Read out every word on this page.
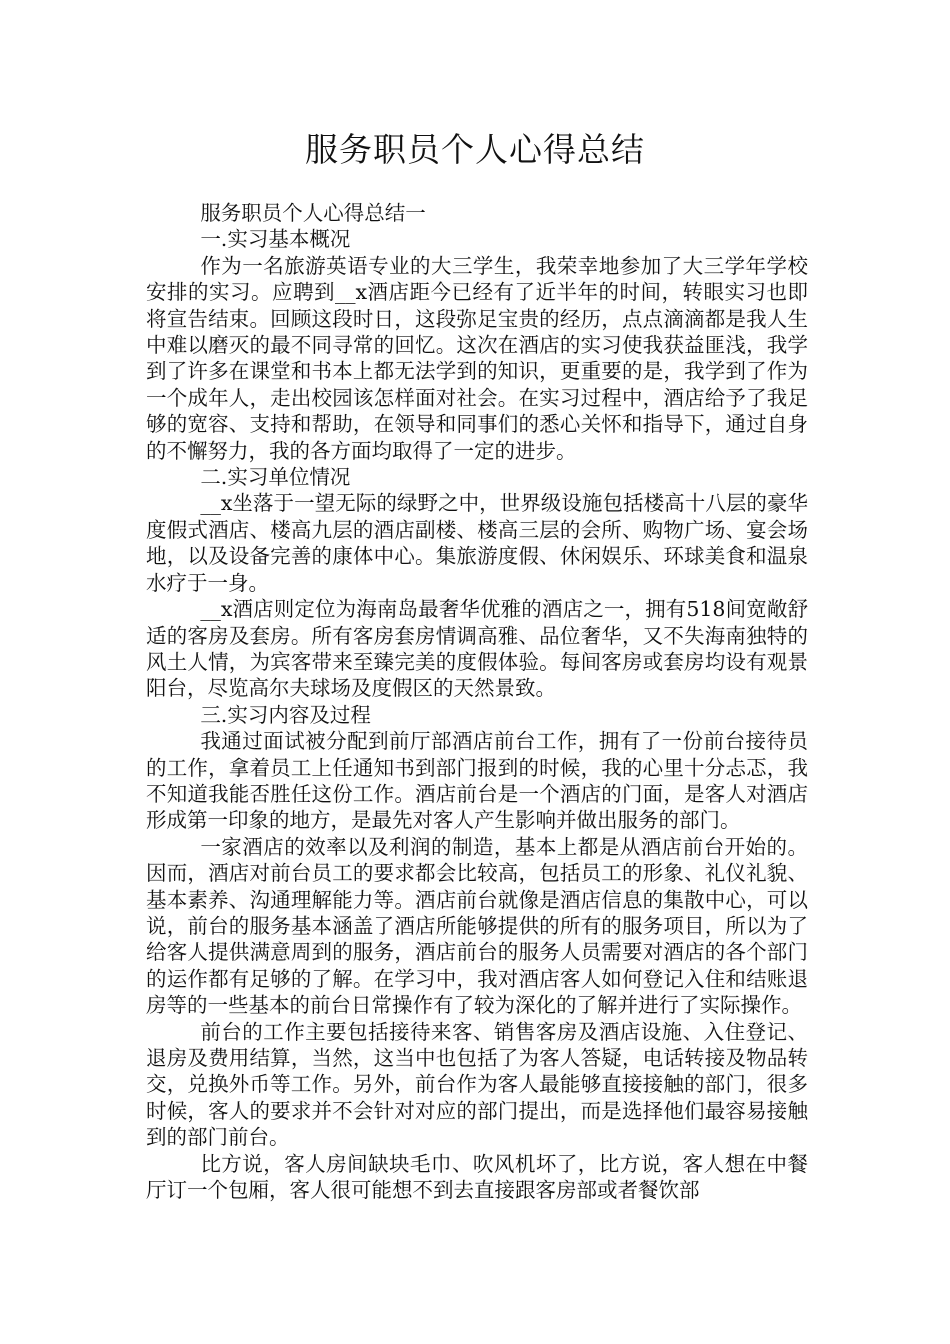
服务职员个人心得总结

服务职员个人心得总结一

一.实习基本概况

作为一名旅游英语专业的大三学生，我荣幸地参加了大三学年学校安排的实习。应聘到__x酒店距今已经有了近半年的时间，转眼实习也即将宣告结束。回顾这段时日，这段弥足宝贵的经历，点点滴滴都是我人生中难以磨灭的最不同寻常的回忆。这次在酒店的实习使我获益匪浅，我学到了许多在课堂和书本上都无法学到的知识，更重要的是，我学到了作为一个成年人，走出校园该怎样面对社会。在实习过程中，酒店给予了我足够的宽容、支持和帮助，在领导和同事们的悉心关怀和指导下，通过自身的不懈努力，我的各方面均取得了一定的进步。

二.实习单位情况

__x坐落于一望无际的绿野之中，世界级设施包括楼高十八层的豪华度假式酒店、楼高九层的酒店副楼、楼高三层的会所、购物广场、宴会场地，以及设备完善的康体中心。集旅游度假、休闲娱乐、环球美食和温泉水疗于一身。

__x酒店则定位为海南岛最奢华优雅的酒店之一，拥有518间宽敞舒适的客房及套房。所有客房套房情调高雅、品位奢华，又不失海南独特的风土人情，为宾客带来至臻完美的度假体验。每间客房或套房均设有观景阳台，尽览高尔夫球场及度假区的天然景致。

三.实习内容及过程

我通过面试被分配到前厅部酒店前台工作，拥有了一份前台接待员的工作，拿着员工上任通知书到部门报到的时候，我的心里十分忐忑，我不知道我能否胜任这份工作。酒店前台是一个酒店的门面，是客人对酒店形成第一印象的地方，是最先对客人产生影响并做出服务的部门。

一家酒店的效率以及利润的制造，基本上都是从酒店前台开始的。因而，酒店对前台员工的要求都会比较高，包括员工的形象、礼仪礼貌、基本素养、沟通理解能力等。酒店前台就像是酒店信息的集散中心，可以说，前台的服务基本涵盖了酒店所能够提供的所有的服务项目，所以为了给客人提供满意周到的服务，酒店前台的服务人员需要对酒店的各个部门的运作都有足够的了解。在学习中，我对酒店客人如何登记入住和结账退房等的一些基本的前台日常操作有了较为深化的了解并进行了实际操作。

前台的工作主要包括接待来客、销售客房及酒店设施、入住登记、退房及费用结算，当然，这当中也包括了为客人答疑，电话转接及物品转交，兑换外币等工作。另外，前台作为客人最能够直接接触的部门，很多时候，客人的要求并不会针对对应的部门提出，而是选择他们最容易接触到的部门前台。

比方说，客人房间缺块毛巾、吹风机坏了，比方说，客人想在中餐厅订一个包厢，客人很可能想不到去直接跟客房部或者餐饮部
